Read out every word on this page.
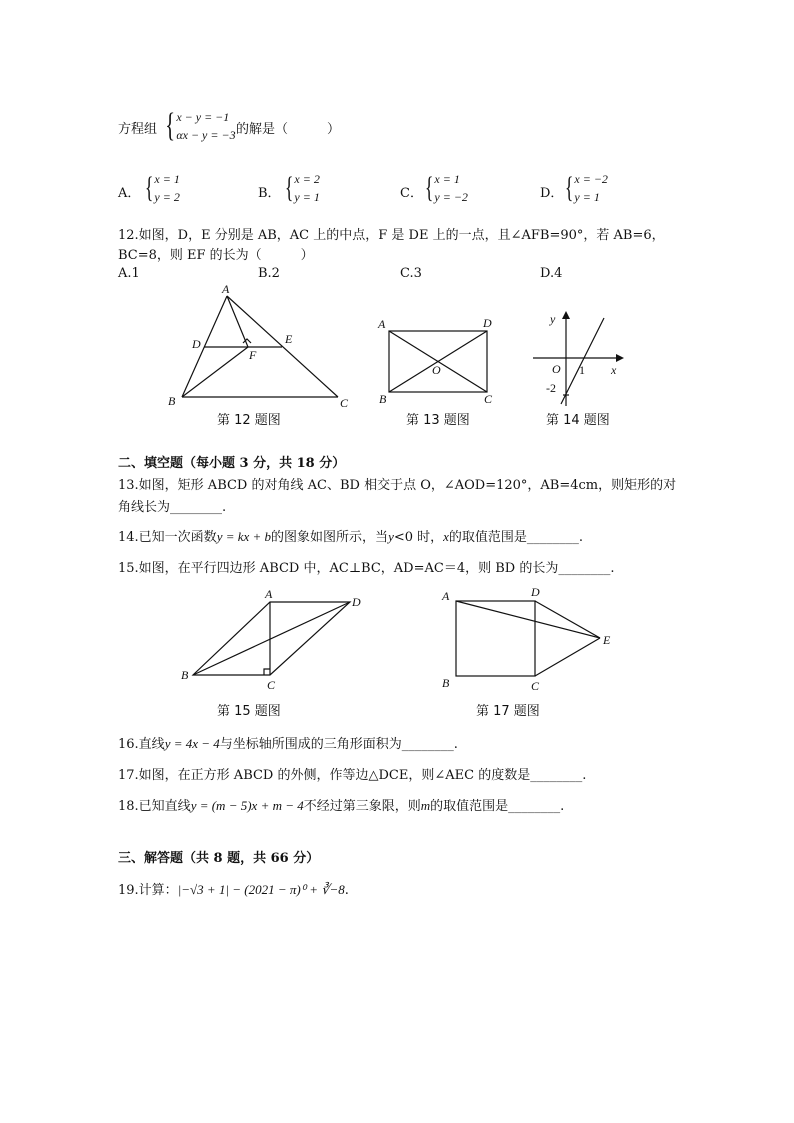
方程组 { x − y = −1
αx − y = −3 的解是（　　　）
A． { x = 1
y = 2	B． { x = 2
y = 1	C． { x = 1
y = −2	D． { x = −2
y = 1
12.如图，D，E 分别是 AB，AC 上的中点，F 是 DE 上的一点，且∠AFB=90°，若 AB=6，
BC=8，则 EF 的长为（　　　）
A.1	B.2	C.3	D.4
A
B	C
D	E
F
第 12 题图
A	D
B	C
O
第 13 题图
y
x
O 1
-2
第 14 题图
二、填空题（每小题 3 分，共 18 分）
13.如图，矩形 ABCD 的对角线 AC、BD 相交于点 O，∠AOD=120°，AB=4cm，则矩形的对
角线长为________.
14.已知一次函数y = kx + b的图象如图所示，当y<0 时，x的取值范围是________.
15.如图，在平行四边形 ABCD 中，AC⊥BC，AD=AC＝4，则 BD 的长为________.
A
D
B
C
第 15 题图
A	D
E
B	C
第 17 题图
16.直线y = 4x − 4与坐标轴所围成的三角形面积为________.
17.如图，在正方形 ABCD 的外侧，作等边△DCE，则∠AEC 的度数是________.
18.已知直线y = (m − 5)x + m − 4不经过第三象限，则m的取值范围是________.
三、解答题（共 8 题，共 66 分）
19.计算：|−√3 + 1| − (2021 − π)⁰ + ∛−8.
